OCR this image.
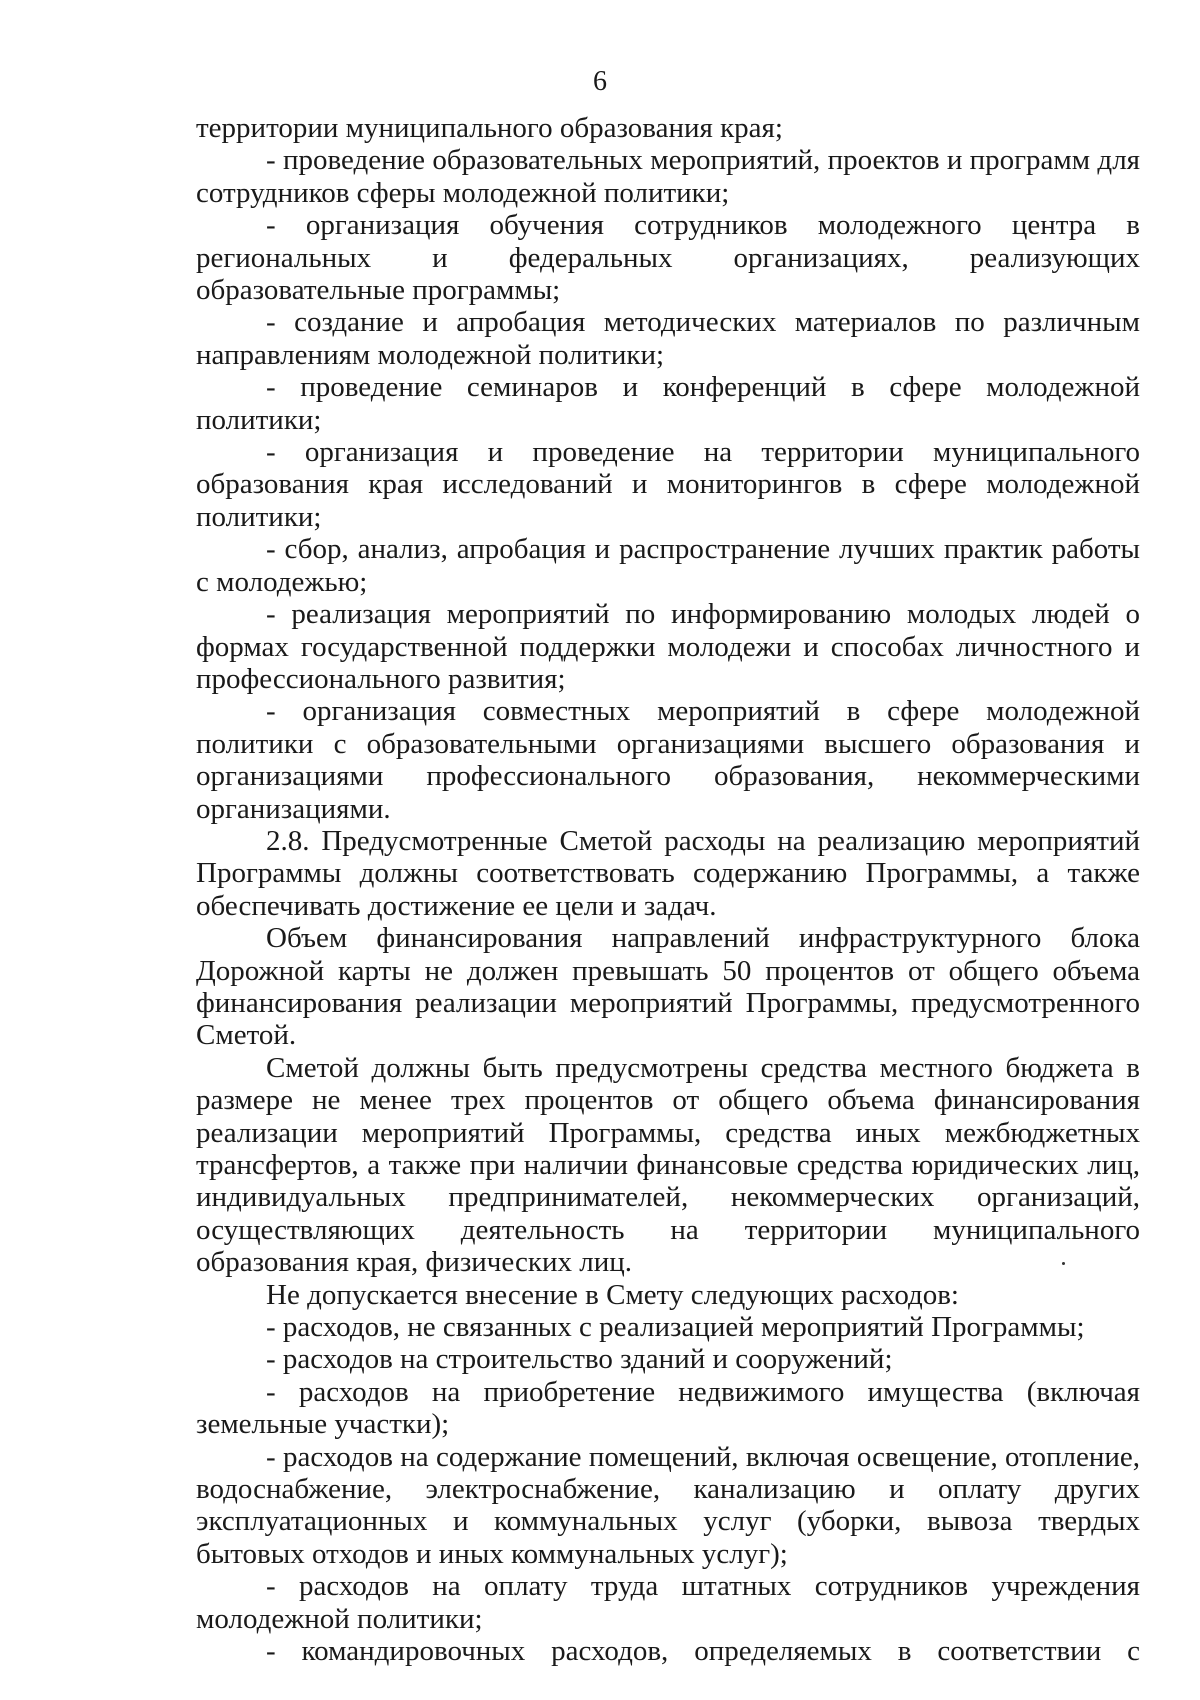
6

территории муниципального образования края;

- проведение образовательных мероприятий, проектов и программ для сотрудников сферы молодежной политики;

- организация обучения сотрудников молодежного центра в региональных и федеральных организациях, реализующих образовательные программы;

- создание и апробация методических материалов по различным направлениям молодежной политики;

- проведение семинаров и конференций в сфере молодежной политики;

- организация и проведение на территории муниципального образования края исследований и мониторингов в сфере молодежной политики;

- сбор, анализ, апробация и распространение лучших практик работы с молодежью;

- реализация мероприятий по информированию молодых людей о формах государственной поддержки молодежи и способах личностного и профессионального развития;

- организация совместных мероприятий в сфере молодежной политики с образовательными организациями высшего образования и организациями профессионального образования, некоммерческими организациями.

2.8. Предусмотренные Сметой расходы на реализацию мероприятий Программы должны соответствовать содержанию Программы, а также обеспечивать достижение ее цели и задач.

Объем финансирования направлений инфраструктурного блока Дорожной карты не должен превышать 50 процентов от общего объема финансирования реализации мероприятий Программы, предусмотренного Сметой.

Сметой должны быть предусмотрены средства местного бюджета в размере не менее трех процентов от общего объема финансирования реализации мероприятий Программы, средства иных межбюджетных трансфертов, а также при наличии финансовые средства юридических лиц, индивидуальных предпринимателей, некоммерческих организаций, осуществляющих деятельность на территории муниципального образования края, физических лиц.

Не допускается внесение в Смету следующих расходов:

- расходов, не связанных с реализацией мероприятий Программы;

- расходов на строительство зданий и сооружений;

- расходов на приобретение недвижимого имущества (включая земельные участки);

- расходов на содержание помещений, включая освещение, отопление, водоснабжение, электроснабжение, канализацию и оплату других эксплуатационных и коммунальных услуг (уборки, вывоза твердых бытовых отходов и иных коммунальных услуг);

- расходов на оплату труда штатных сотрудников учреждения молодежной политики;

- командировочных расходов, определяемых в соответствии с
